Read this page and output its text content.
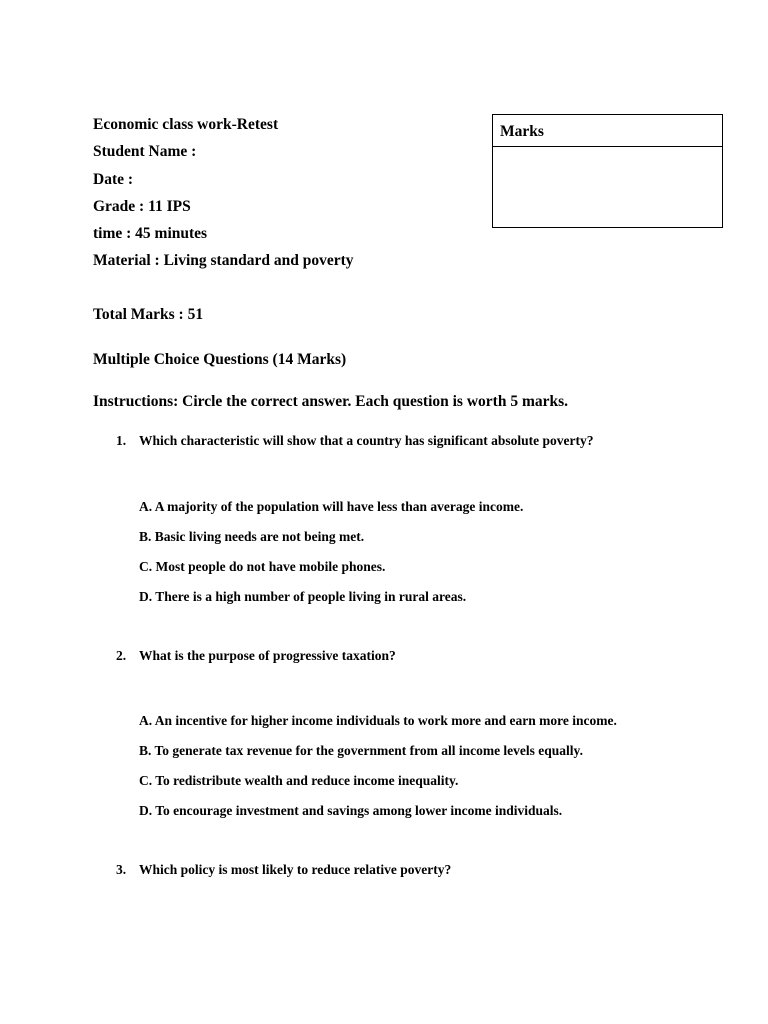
Economic class work-Retest
Student Name :
Date :
Grade : 11 IPS
time : 45 minutes
Material : Living standard and poverty
Marks
Total Marks : 51
Multiple Choice Questions (14 Marks)
Instructions: Circle the correct answer. Each question is worth 5 marks.
1. Which characteristic will show that a country has significant absolute poverty?
A. A majority of the population will have less than average income.
B. Basic living needs are not being met.
C. Most people do not have mobile phones.
D. There is a high number of people living in rural areas.
2. What is the purpose of progressive taxation?
A. An incentive for higher income individuals to work more and earn more income.
B. To generate tax revenue for the government from all income levels equally.
C. To redistribute wealth and reduce income inequality.
D. To encourage investment and savings among lower income individuals.
3. Which policy is most likely to reduce relative poverty?
